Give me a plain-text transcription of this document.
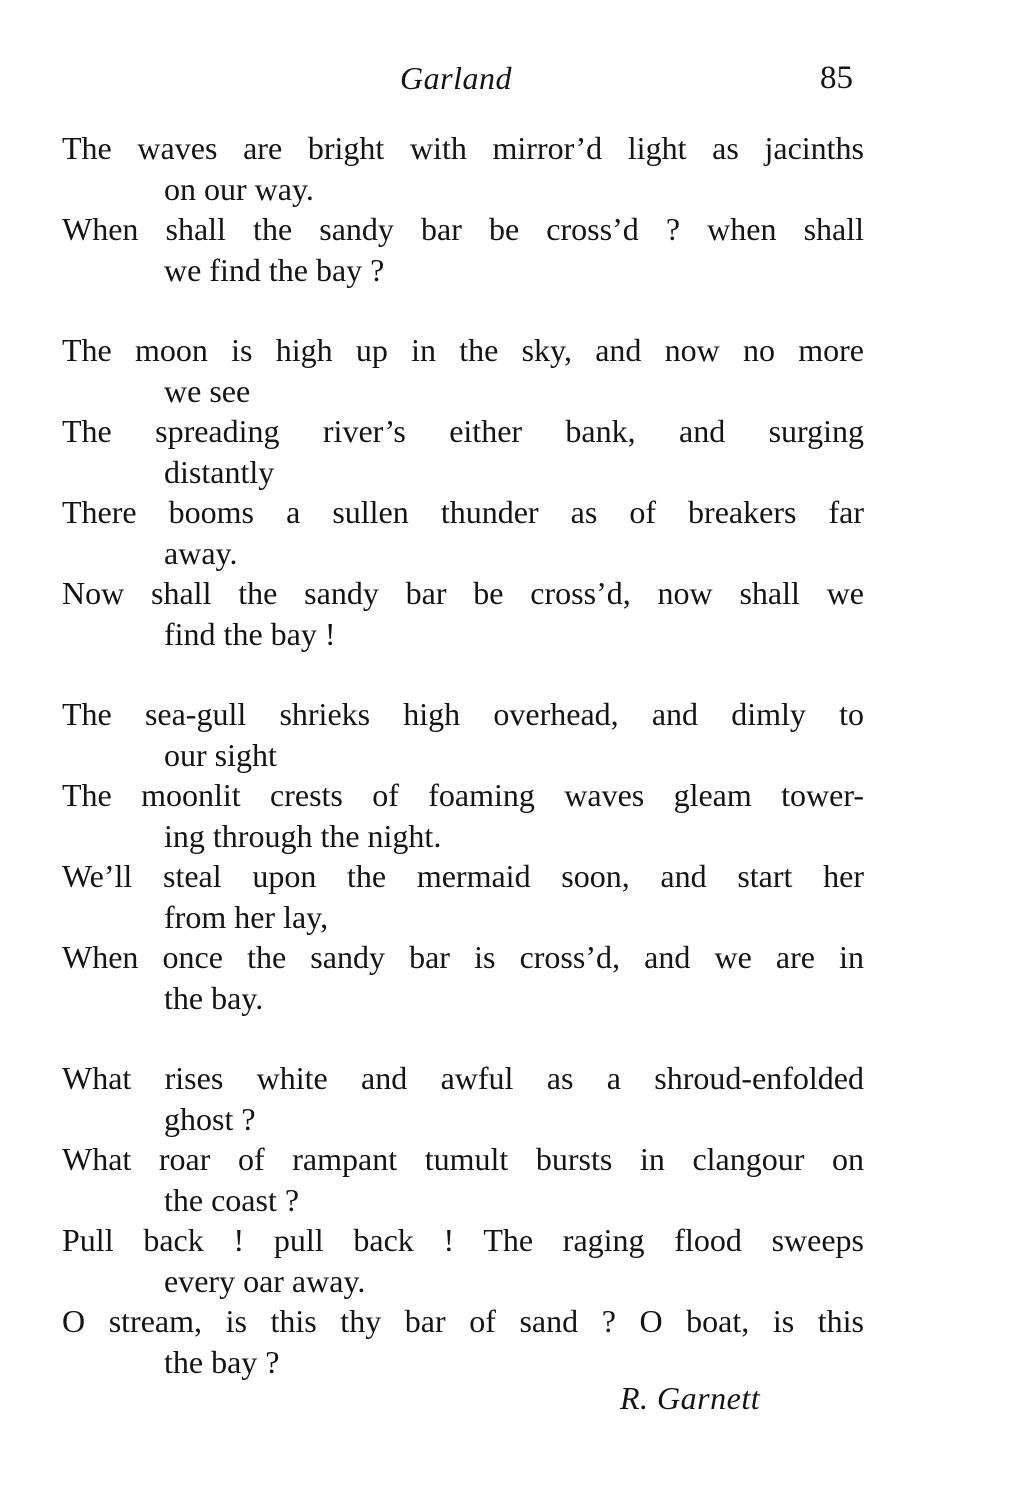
Garland	85
The waves are bright with mirror’d light as jacinths
on our way.
When shall the sandy bar be cross’d ? when shall
we find the bay ?
The moon is high up in the sky, and now no more
we see
The spreading river’s either bank, and surging
distantly
There booms a sullen thunder as of breakers far
away.
Now shall the sandy bar be cross’d, now shall we
find the bay !
The sea-gull shrieks high overhead, and dimly to
our sight
The moonlit crests of foaming waves gleam tower-
ing through the night.
We’ll steal upon the mermaid soon, and start her
from her lay,
When once the sandy bar is cross’d, and we are in
the bay.
What rises white and awful as a shroud-enfolded
ghost ?
What roar of rampant tumult bursts in clangour on
the coast ?
Pull back ! pull back ! The raging flood sweeps
every oar away.
O stream, is this thy bar of sand ? O boat, is this
the bay ?
R. Garnett
